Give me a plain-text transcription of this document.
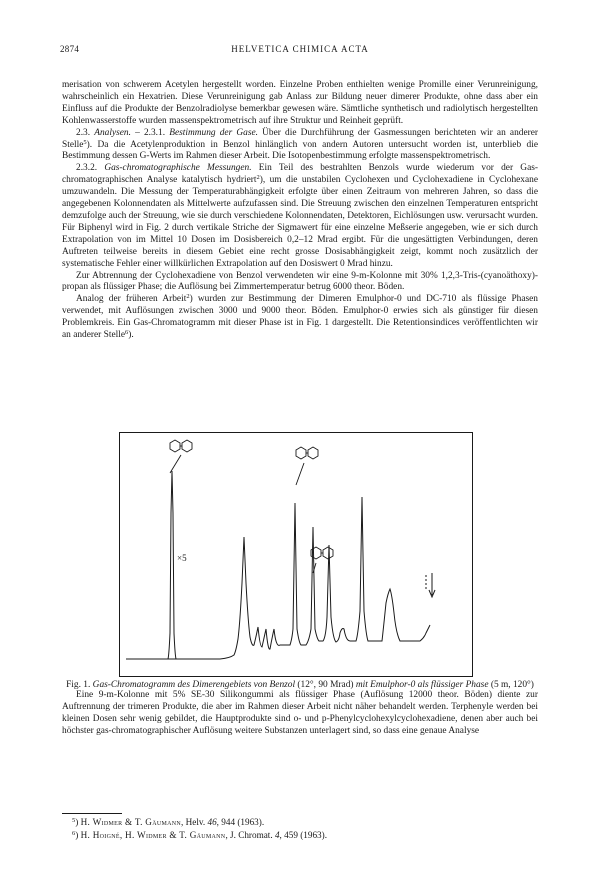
2874	HELVETICA CHIMICA ACTA

merisation von schwerem Acetylen hergestellt worden. Einzelne Proben enthielten wenige Promille einer Verunreinigung, wahrscheinlich ein Hexatrien. Diese Verunreinigung gab Anlass zur Bildung neuer dimerer Produkte, ohne dass aber ein Einfluss auf die Produkte der Benzolradiolyse bemerkbar gewesen wäre. Sämtliche synthetisch und radiolytisch hergestellten Kohlenwasserstoffe wurden massenspektrometrisch auf ihre Struktur und Reinheit geprüft.

2.3. Analysen. – 2.3.1. Bestimmung der Gase. Über die Durchführung der Gasmessungen berichteten wir an anderer Stelle$^5$). Da die Acetylenproduktion in Benzol hinlänglich von andern Autoren untersucht worden ist, unterblieb die Bestimmung dessen G-Werts im Rahmen dieser Arbeit. Die Isotopenbestimmung erfolgte massenspektrometrisch.

2.3.2. Gas-chromatographische Messungen. Ein Teil des bestrahlten Benzols wurde wiederum vor der Gas-chromatographischen Analyse katalytisch hydriert$^2$), um die unstabilen Cyclohexen und Cyclohexadiene in Cyclohexane umzuwandeln. Die Messung der Temperaturabhängigkeit erfolgte über einen Zeitraum von mehreren Jahren, so dass die angegebenen Kolonnendaten als Mittelwerte aufzufassen sind. Die Streuung zwischen den einzelnen Temperaturen entspricht demzufolge auch der Streuung, wie sie durch verschiedene Kolonnendaten, Detektoren, Eichlösungen usw. verursacht wurden. Für Biphenyl wird in Fig. 2 durch vertikale Striche der Sigmawert für eine einzelne Meßserie angegeben, wie er sich durch Extrapolation von im Mittel 10 Dosen im Dosisbereich 0,2–12 Mrad ergibt. Für die ungesättigten Verbindungen, deren Auftreten teilweise bereits in diesem Gebiet eine recht grosse Dosisabhängigkeit zeigt, kommt noch zusätzlich der systematische Fehler einer willkürlichen Extrapolation auf den Dosiswert 0 Mrad hinzu.

Zur Abtrennung der Cyclohexadiene von Benzol verwendeten wir eine 9-m-Kolonne mit 30% 1,2,3-Tris-(cyanoäthoxy)-propan als flüssiger Phase; die Auflösung bei Zimmertemperatur betrug 6000 theor. Böden.

Analog der früheren Arbeit$^2$) wurden zur Bestimmung der Dimeren Emulphor-0 und DC-710 als flüssige Phasen verwendet, mit Auflösungen zwischen 3000 und 9000 theor. Böden. Emulphor-0 erwies sich als günstiger für diesen Problemkreis. Ein Gas-Chromatogramm mit dieser Phase ist in Fig. 1 dargestellt. Die Retentionsindices veröffentlichten wir an anderer Stelle$^6$).

×5
Fig. 1. Gas-Chromatogramm des Dimerengebiets von Benzol (12°, 90 Mrad) mit Emulphor-0 als flüssiger Phase (5 m, 120°)

Eine 9-m-Kolonne mit 5% SE-30 Silikongummi als flüssiger Phase (Auflösung 12000 theor. Böden) diente zur Auftrennung der trimeren Produkte, die aber im Rahmen dieser Arbeit nicht näher behandelt werden. Terphenyle werden bei kleinen Dosen sehr wenig gebildet, die Hauptprodukte sind o- und p-Phenylcyclohexylcyclohexadiene, denen aber auch bei höchster gas-chromatographischer Auflösung weitere Substanzen unterlagert sind, so dass eine genaue Analyse

$^5$) H. Widmer & T. Gäumann, Helv. 46, 944 (1963).
$^6$) H. Hoigné, H. Widmer & T. Gäumann, J. Chromat. 4, 459 (1963).
